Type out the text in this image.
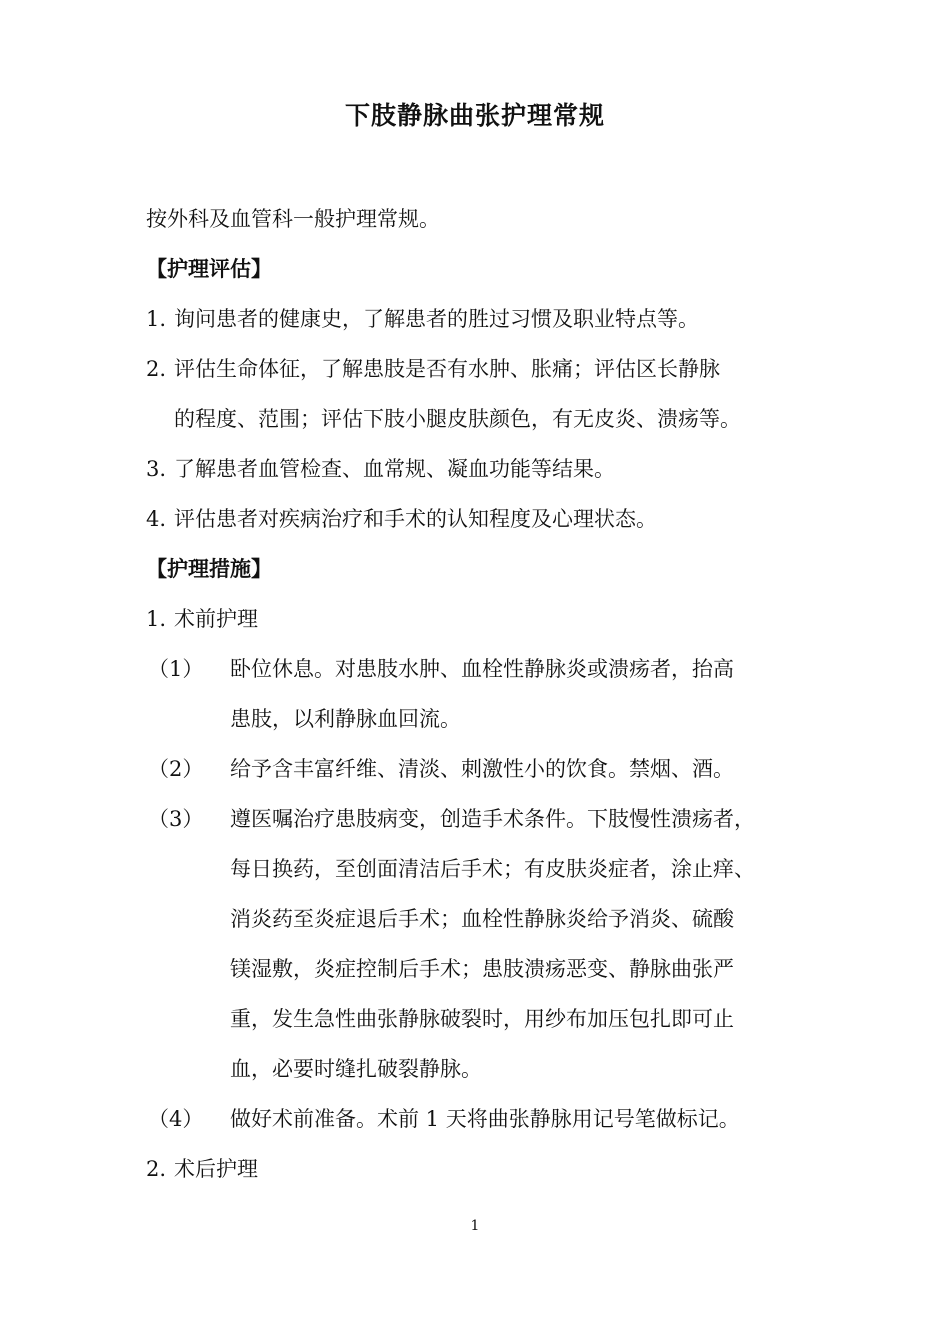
下肢静脉曲张护理常规
按外科及血管科一般护理常规。
【护理评估】
1. 询问患者的健康史，了解患者的胜过习惯及职业特点等。
2. 评估生命体征，了解患肢是否有水肿、胀痛；评估区长静脉
的程度、范围；评估下肢小腿皮肤颜色，有无皮炎、溃疡等。
3. 了解患者血管检查、血常规、凝血功能等结果。
4. 评估患者对疾病治疗和手术的认知程度及心理状态。
【护理措施】
1. 术前护理
（1） 卧位休息。对患肢水肿、血栓性静脉炎或溃疡者，抬高
患肢，以利静脉血回流。
（2） 给予含丰富纤维、清淡、刺激性小的饮食。禁烟、酒。
（3） 遵医嘱治疗患肢病变，创造手术条件。下肢慢性溃疡者，
每日换药，至创面清洁后手术；有皮肤炎症者，涂止痒、
消炎药至炎症退后手术；血栓性静脉炎给予消炎、硫酸
镁湿敷，炎症控制后手术；患肢溃疡恶变、静脉曲张严
重，发生急性曲张静脉破裂时，用纱布加压包扎即可止
血，必要时缝扎破裂静脉。
（4） 做好术前准备。术前 1 天将曲张静脉用记号笔做标记。
2. 术后护理
1
